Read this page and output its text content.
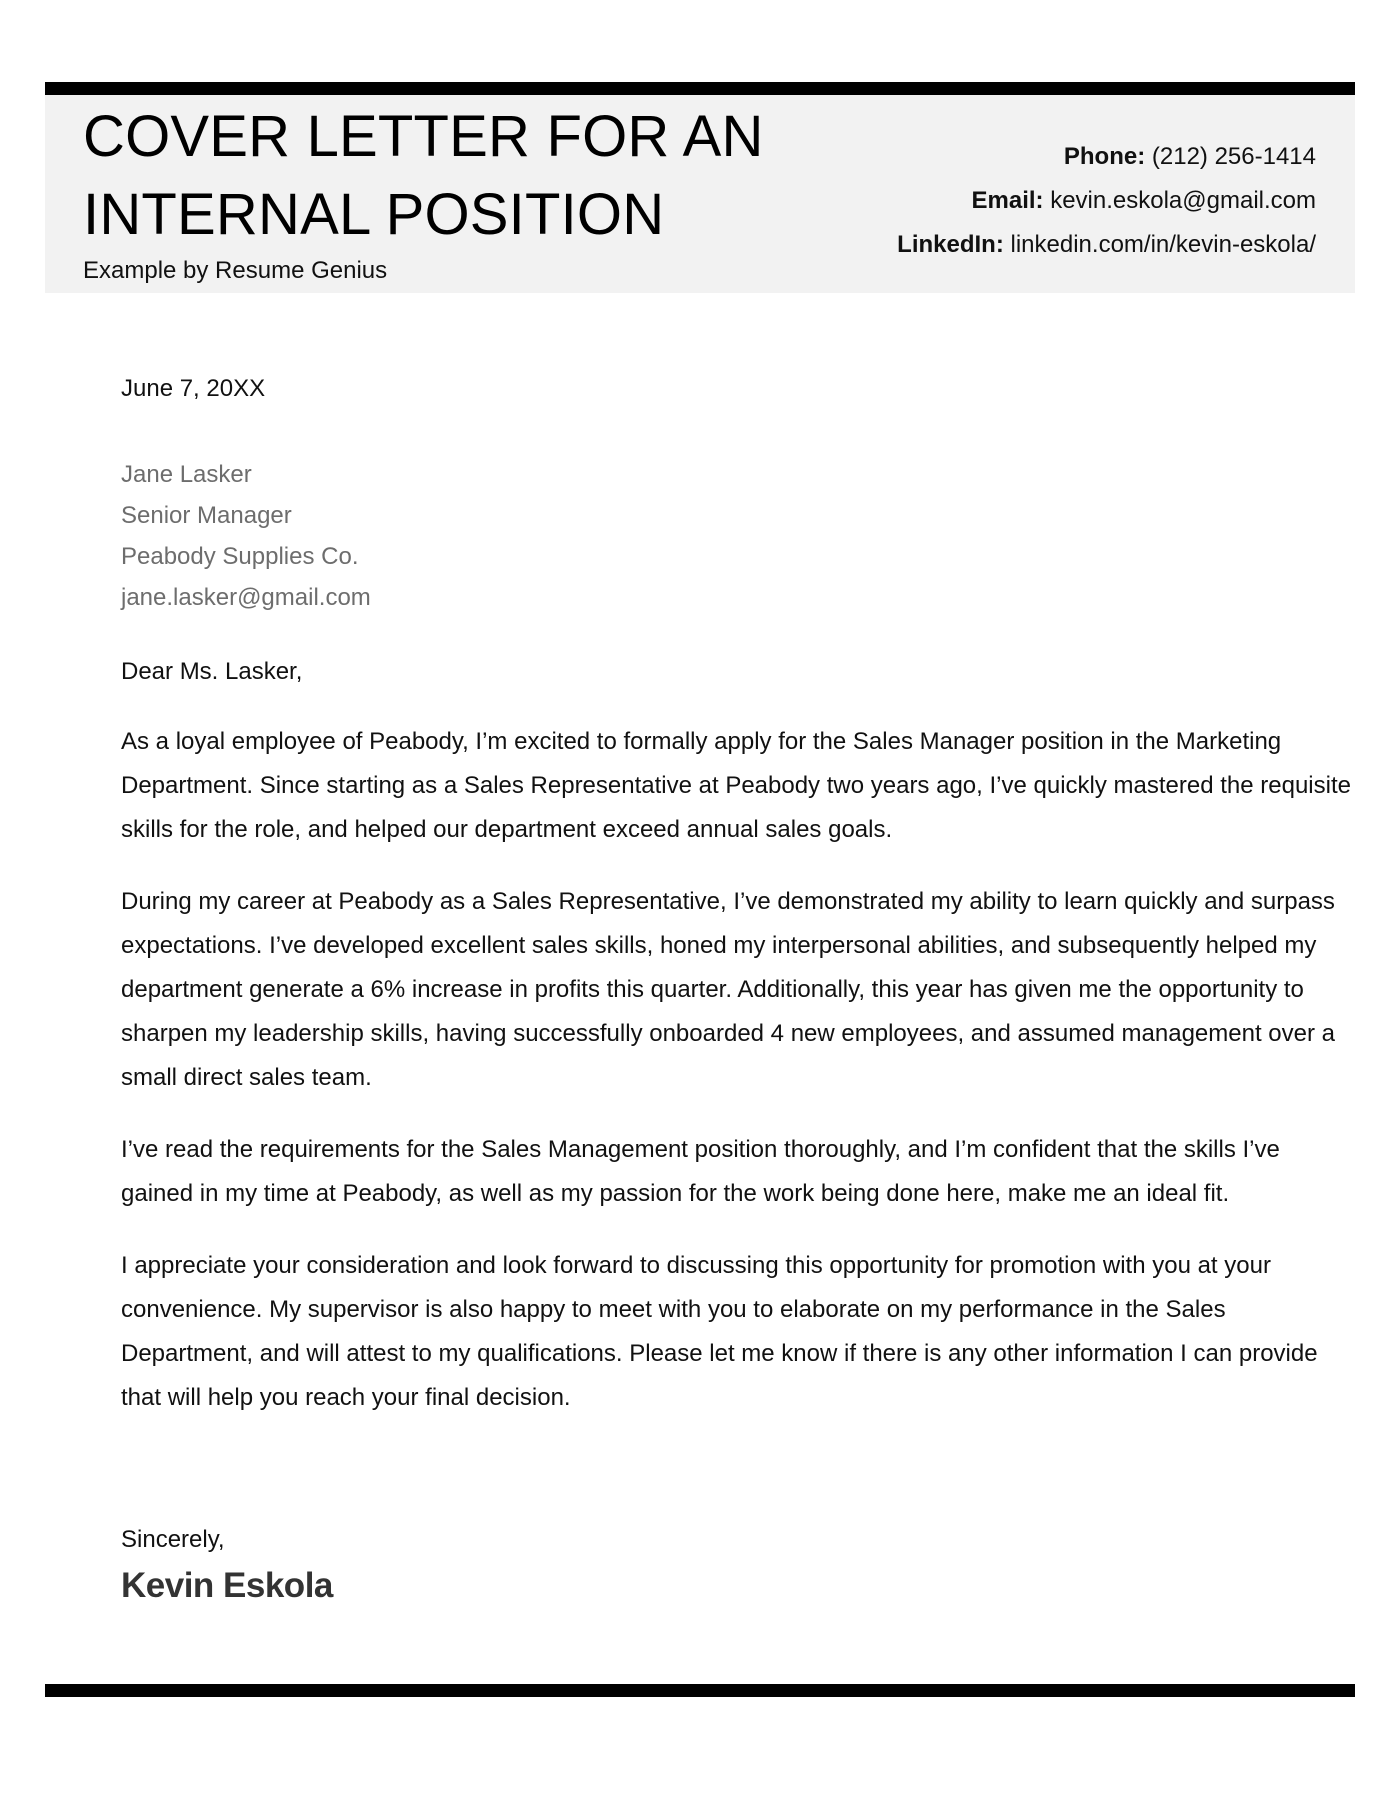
COVER LETTER FOR AN
INTERNAL POSITION
Example by Resume Genius
Phone: (212) 256-1414
Email: kevin.eskola@gmail.com
LinkedIn: linkedin.com/in/kevin-eskola/
June 7, 20XX
Jane Lasker
Senior Manager
Peabody Supplies Co.
jane.lasker@gmail.com
Dear Ms. Lasker,

As a loyal employee of Peabody, I’m excited to formally apply for the Sales Manager position in the Marketing Department. Since starting as a Sales Representative at Peabody two years ago, I’ve quickly mastered the requisite skills for the role, and helped our department exceed annual sales goals.

During my career at Peabody as a Sales Representative, I’ve demonstrated my ability to learn quickly and surpass expectations. I’ve developed excellent sales skills, honed my interpersonal abilities, and subsequently helped my department generate a 6% increase in profits this quarter. Additionally, this year has given me the opportunity to sharpen my leadership skills, having successfully onboarded 4 new employees, and assumed management over a small direct sales team.

I’ve read the requirements for the Sales Management position thoroughly, and I’m confident that the skills I’ve gained in my time at Peabody, as well as my passion for the work being done here, make me an ideal fit.

I appreciate your consideration and look forward to discussing this opportunity for promotion with you at your convenience. My supervisor is also happy to meet with you to elaborate on my performance in the Sales Department, and will attest to my qualifications. Please let me know if there is any other information I can provide that will help you reach your final decision.

Sincerely,
Kevin Eskola
